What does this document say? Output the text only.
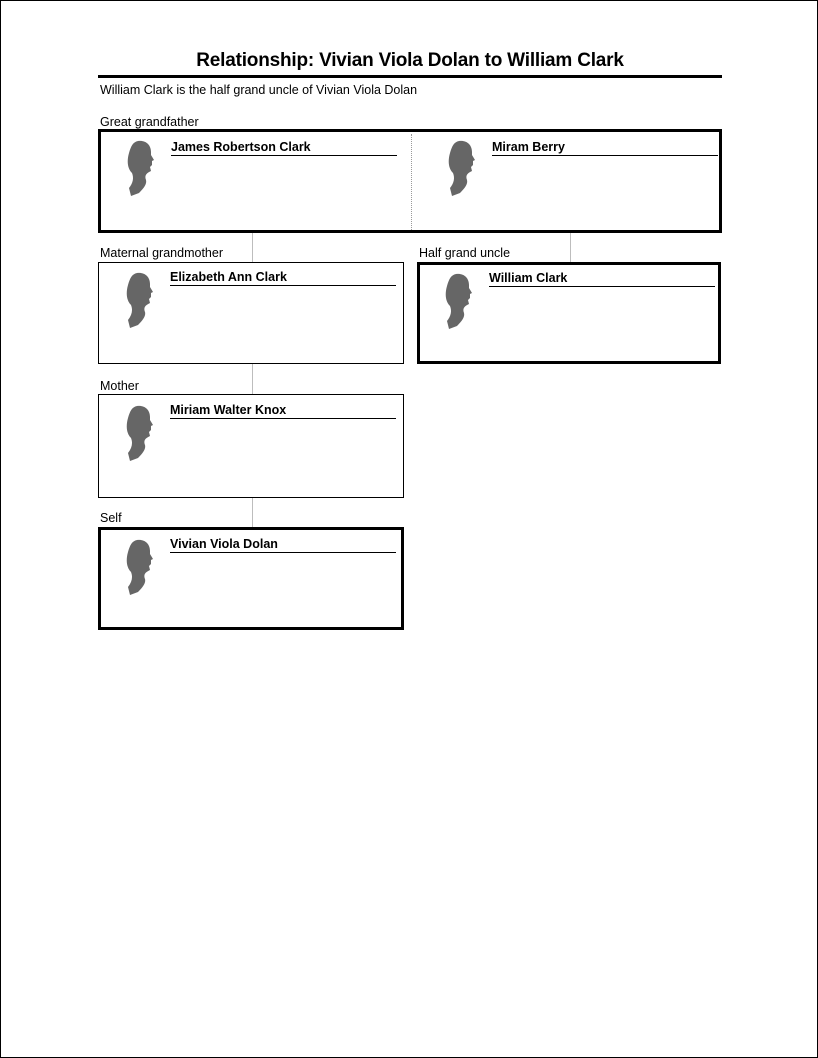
Relationship: Vivian Viola Dolan to William Clark
William Clark is the half grand uncle of Vivian Viola Dolan
Great grandfather
James Robertson Clark	Miram Berry
Maternal grandmother
Elizabeth Ann Clark
Half grand uncle
William Clark
Mother
Miriam Walter Knox
Self
Vivian Viola Dolan
